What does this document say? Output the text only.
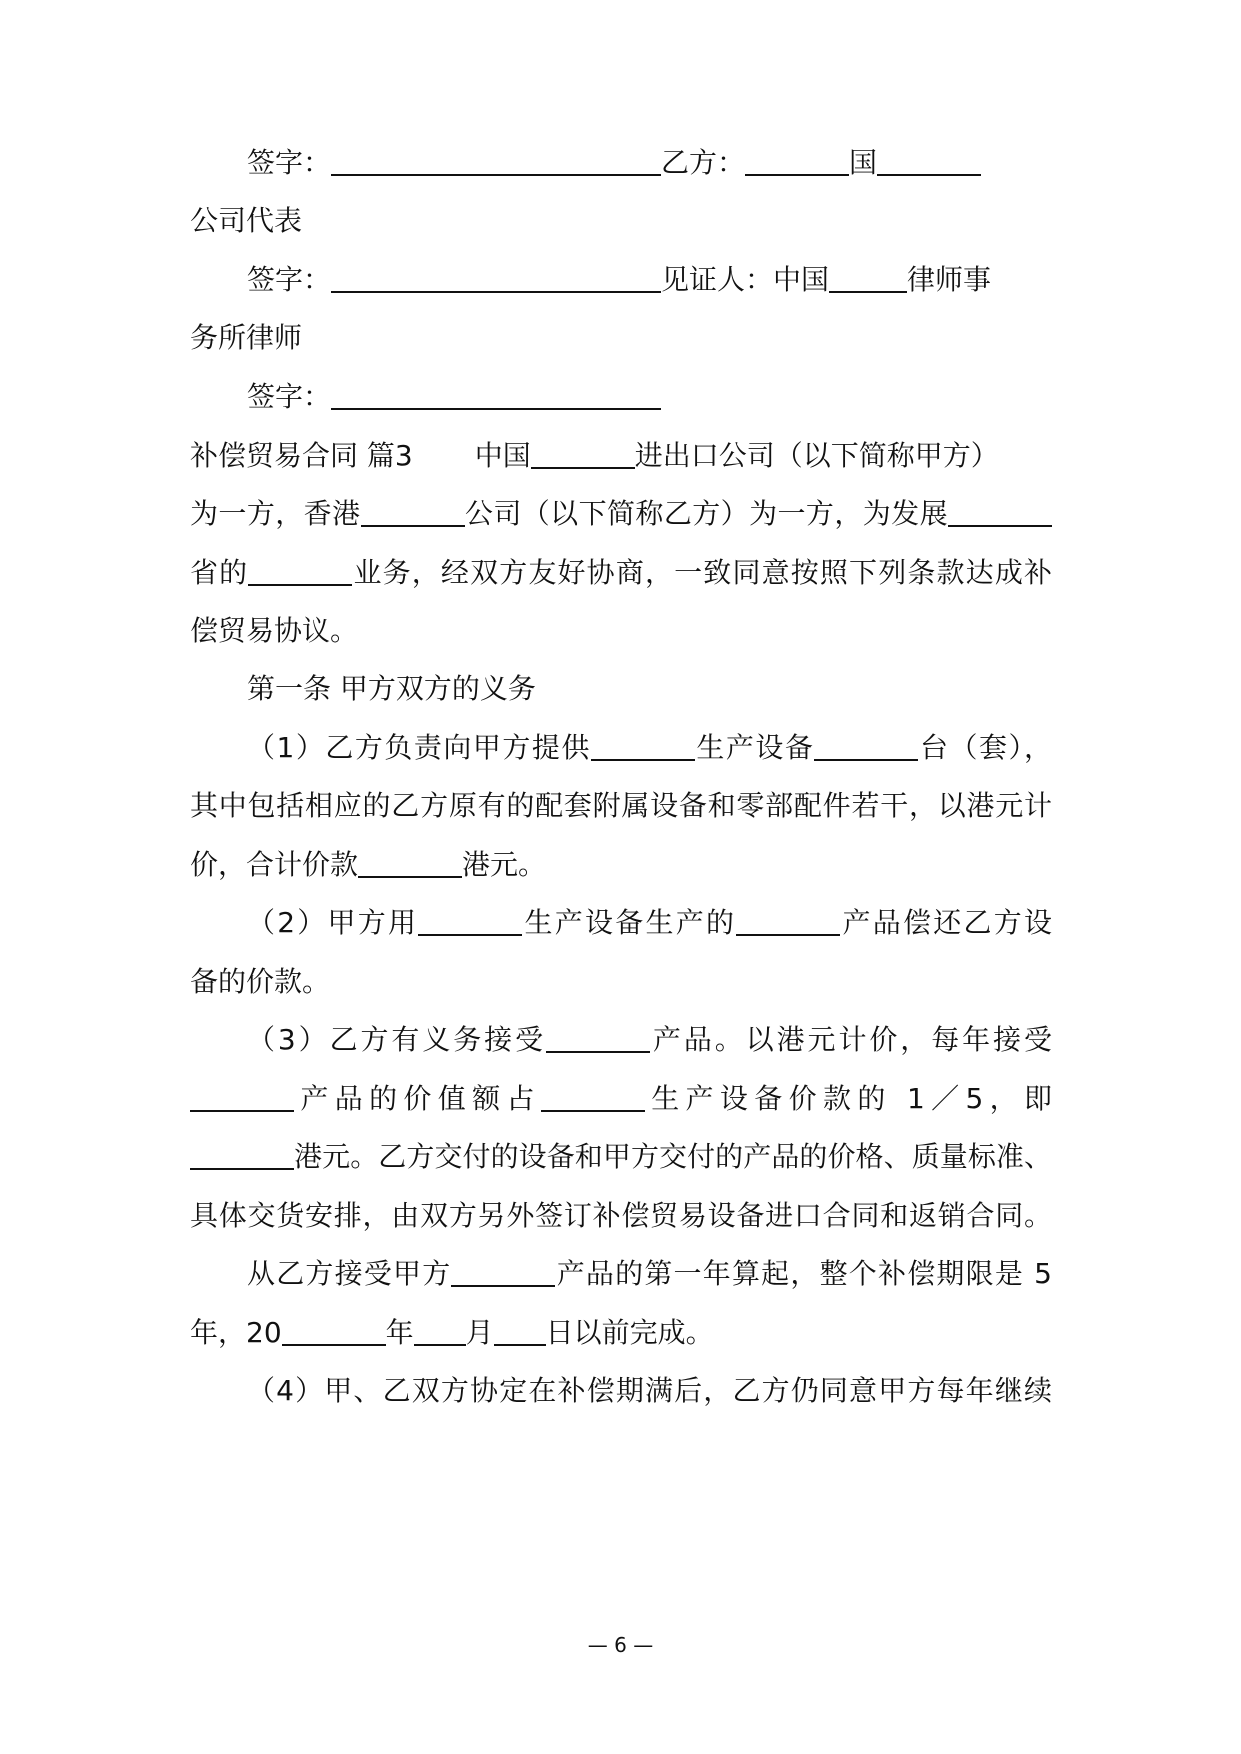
签字：	乙方：	国
公司代表
签字：	见证人：中国	律师事
务所律师
签字：
补偿贸易合同 篇3 中国	进出口公司（以下简称甲方）
为一方，香港	公司（以下简称乙方）为一方，为发展
省的	业务，经双方友好协商，一致同意按照下列条款达成补
偿贸易协议。
第一条 甲方双方的义务
（1）乙方负责向甲方提供	生产设备	台（套），
其中包括相应的乙方原有的配套附属设备和零部配件若干，以港元计
价，合计价款	港元。
（2）甲方用	生产设备生产的	产品偿还乙方设
备的价款。
（3）乙方有义务接受	产品。以港元计价，每年接受
产品的价值额占	生产设备价款的 1／5，即
港元。乙方交付的设备和甲方交付的产品的价格、质量标准、
具体交货安排，由双方另外签订补偿贸易设备进口合同和返销合同。
从乙方接受甲方	产品的第一年算起，整个补偿期限是 5
年，20	年 月 日以前完成。
（4）甲、乙双方协定在补偿期满后，乙方仍同意甲方每年继续
— 6 —
